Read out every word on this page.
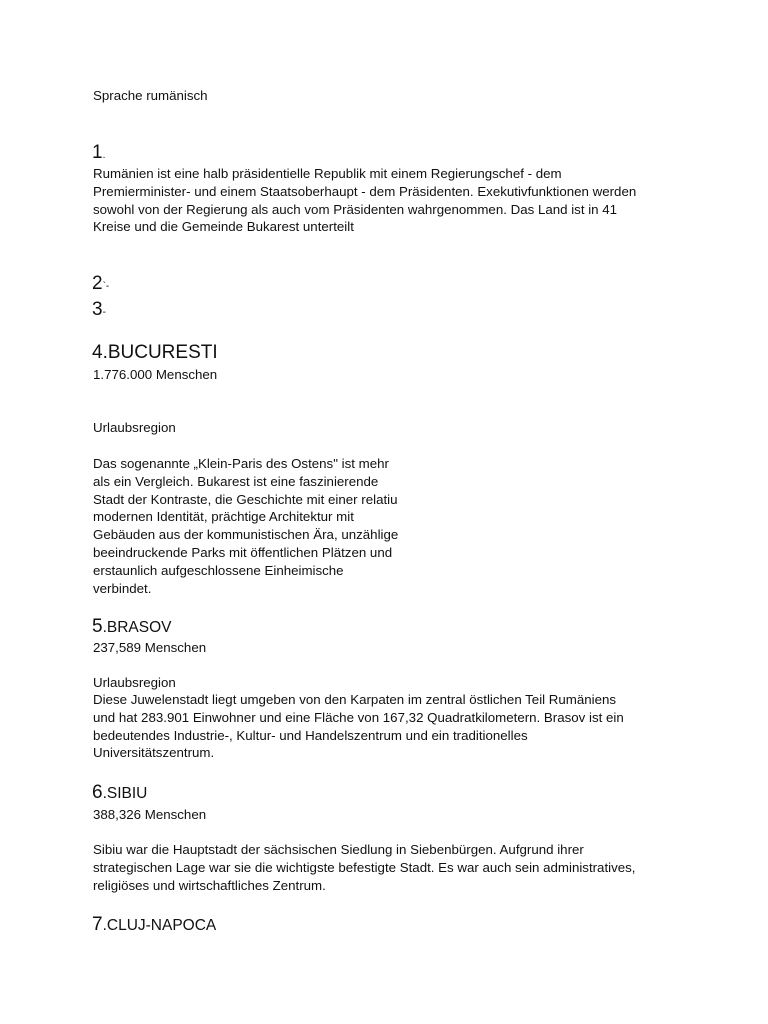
Sprache rumänisch

1.

Rumänien ist eine halb präsidentielle Republik mit einem Regierungschef - dem
Premierminister- und einem Staatsoberhaupt - dem Präsidenten. Exekutivfunktionen werden
sowohl von der Regierung als auch vom Präsidenten wahrgenommen. Das Land ist in 41
Kreise und die Gemeinde Bukarest unterteilt

2`-

3-

4.BUCURESTI

1.776.000 Menschen

Urlaubsregion

Das sogenannte „Klein-Paris des Ostens" ist mehr
als ein Vergleich. Bukarest ist eine faszinierende
Stadt der Kontraste, die Geschichte mit einer relatiu
modernen Identität, prächtige Architektur mit
Gebäuden aus der kommunistischen Ära, unzählige
beeindruckende Parks mit öffentlichen Plätzen und
erstaunlich aufgeschlossene Einheimische
verbindet.

5.BRASOV

237,589 Menschen

Urlaubsregion

Diese Juwelenstadt liegt umgeben von den Karpaten im zentral östlichen Teil Rumäniens
und hat 283.901 Einwohner und eine Fläche von 167,32 Quadratkilometern. Brasov ist ein
bedeutendes Industrie-, Kultur- und Handelszentrum und ein traditionelles
Universitätszentrum.

6.SIBIU

388,326 Menschen

Sibiu war die Hauptstadt der sächsischen Siedlung in Siebenbürgen. Aufgrund ihrer
strategischen Lage war sie die wichtigste befestigte Stadt. Es war auch sein administratives,
religiöses und wirtschaftliches Zentrum.

7.CLUJ-NAPOCA
